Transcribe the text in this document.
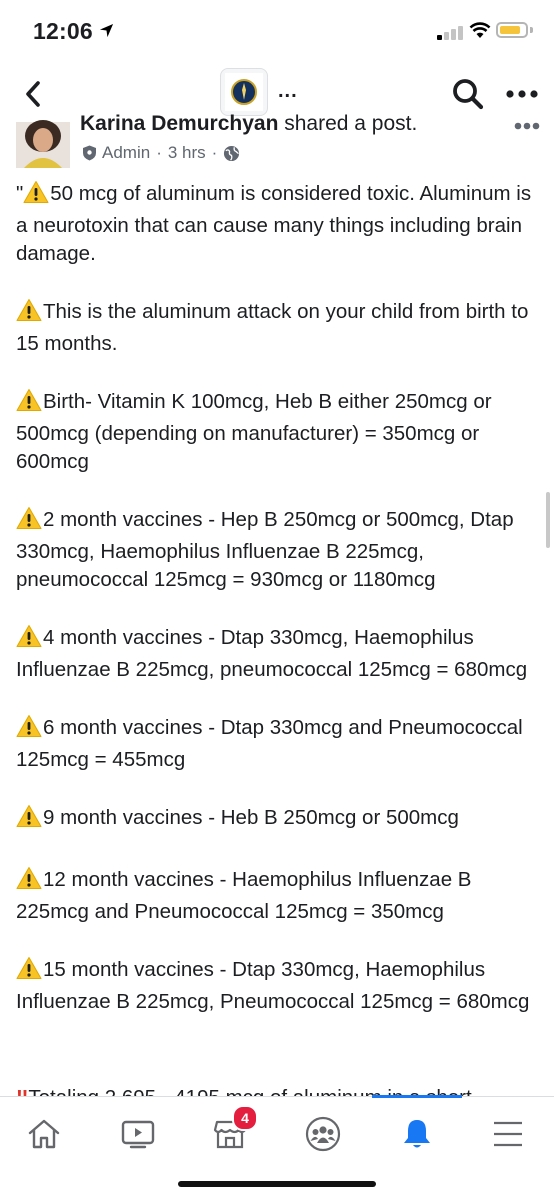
12:06
...
Karina Demurchyan shared a post.
Admin · 3 hrs ·

" 50 mcg of aluminum is considered toxic. Aluminum is a neurotoxin that can cause many things including brain damage.

This is the aluminum attack on your child from birth to 15 months.

Birth- Vitamin K 100mcg, Heb B either 250mcg or 500mcg (depending on manufacturer) = 350mcg or 600mcg

2 month vaccines - Hep B 250mcg or 500mcg, Dtap 330mcg, Haemophilus Influenzae B 225mcg, pneumococcal 125mcg = 930mcg or 1180mcg

4 month vaccines - Dtap 330mcg, Haemophilus Influenzae B 225mcg, pneumococcal 125mcg = 680mcg

6 month vaccines - Dtap 330mcg and Pneumococcal 125mcg = 455mcg

9 month vaccines - Heb B 250mcg or 500mcg

12 month vaccines - Haemophilus Influenzae B 225mcg and Pneumococcal 125mcg = 350mcg

15 month vaccines - Dtap 330mcg, Haemophilus Influenzae B 225mcg, Pneumococcal 125mcg = 680mcg

4
